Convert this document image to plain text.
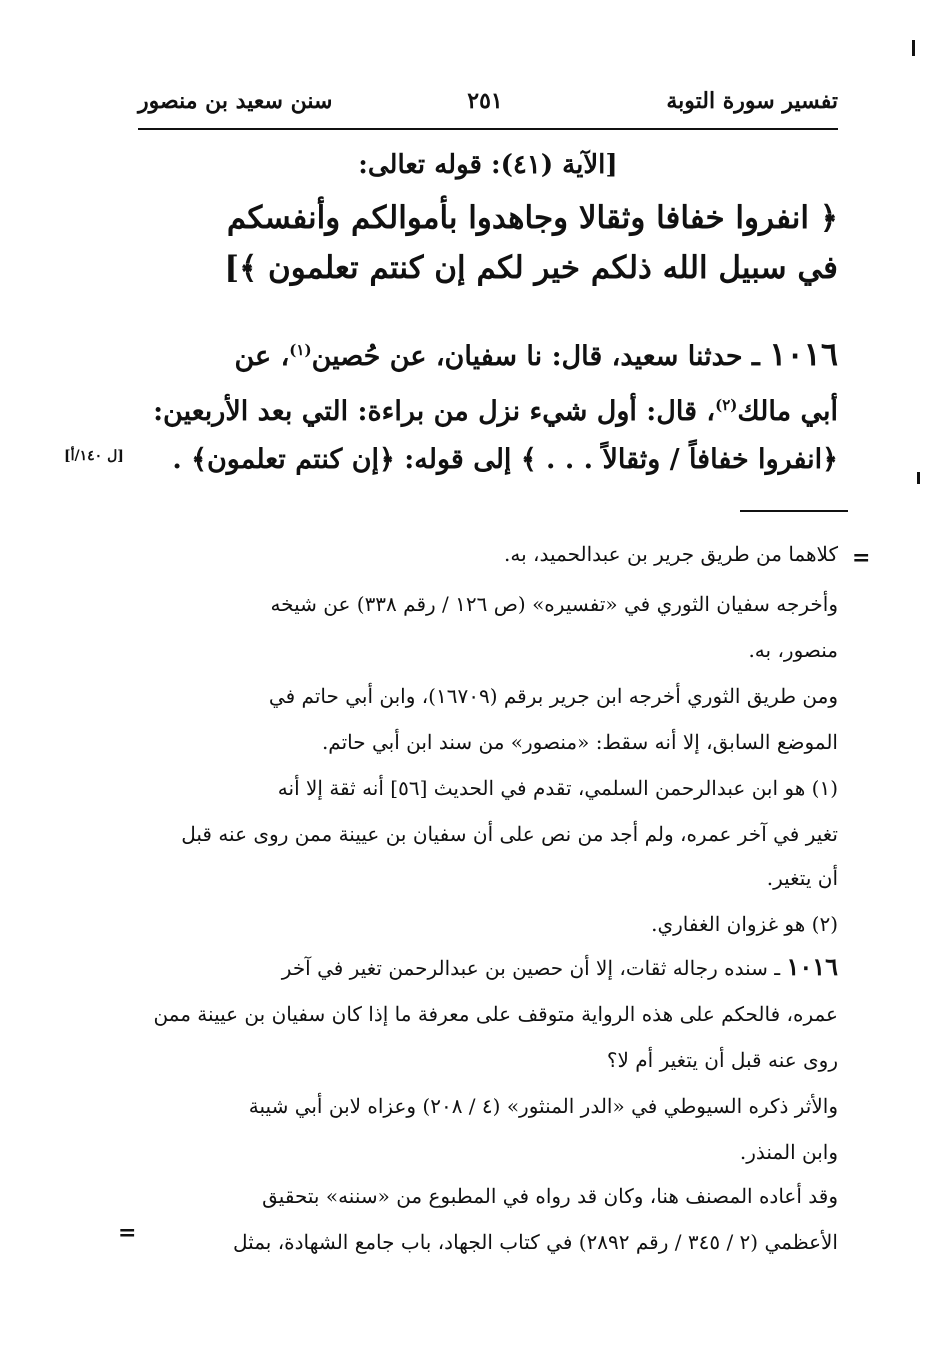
تفسير سورة التوبة
٢٥١
سنن سعيد بن منصور
[الآية (٤١): قوله تعالى:
﴿ انفروا خفافا وثقالا وجاهدوا بأموالكم وأنفسكم
في سبيل الله ذلكم خير لكم إن كنتم تعلمون ﴾]
١٠١٦ ـ حدثنا سعيد، قال: نا سفيان، عن حُصين$^{(١)}$، عن
أبي مالك$^{(٢)}$، قال: أول شيء نزل من براءة: التي بعد الأربعين:
﴿انفروا خفافاً / وثقالاً . . . ﴾ إلى قوله: ﴿إن كنتم تعلمون﴾ .
[ل ١٤٠/أ]
=
=
كلاهما من طريق جرير بن عبدالحميد، به.
وأخرجه سفيان الثوري في «تفسيره» (ص ١٢٦ / رقم ٣٣٨) عن شيخه
منصور، به.
ومن طريق الثوري أخرجه ابن جرير برقم (١٦٧٠٩)، وابن أبي حاتم في
الموضع السابق، إلا أنه سقط: «منصور» من سند ابن أبي حاتم.
(١) هو ابن عبدالرحمن السلمي، تقدم في الحديث [٥٦] أنه ثقة إلا أنه
تغير في آخر عمره، ولم أجد من نص على أن سفيان بن عيينة ممن روى عنه قبل
أن يتغير.
(٢) هو غزوان الغفاري.
١٠١٦ ـ سنده رجاله ثقات، إلا أن حصين بن عبدالرحمن تغير في آخر
عمره، فالحكم على هذه الرواية متوقف على معرفة ما إذا كان سفيان بن عيينة ممن
روى عنه قبل أن يتغير أم لا؟
والأثر ذكره السيوطي في «الدر المنثور» (٤ / ٢٠٨) وعزاه لابن أبي شيبة
وابن المنذر.
وقد أعاده المصنف هنا، وكان قد رواه في المطبوع من «سننه» بتحقيق
الأعظمي (٢ / ٣٤٥ / رقم ٢٨٩٢) في كتاب الجهاد، باب جامع الشهادة، بمثل
